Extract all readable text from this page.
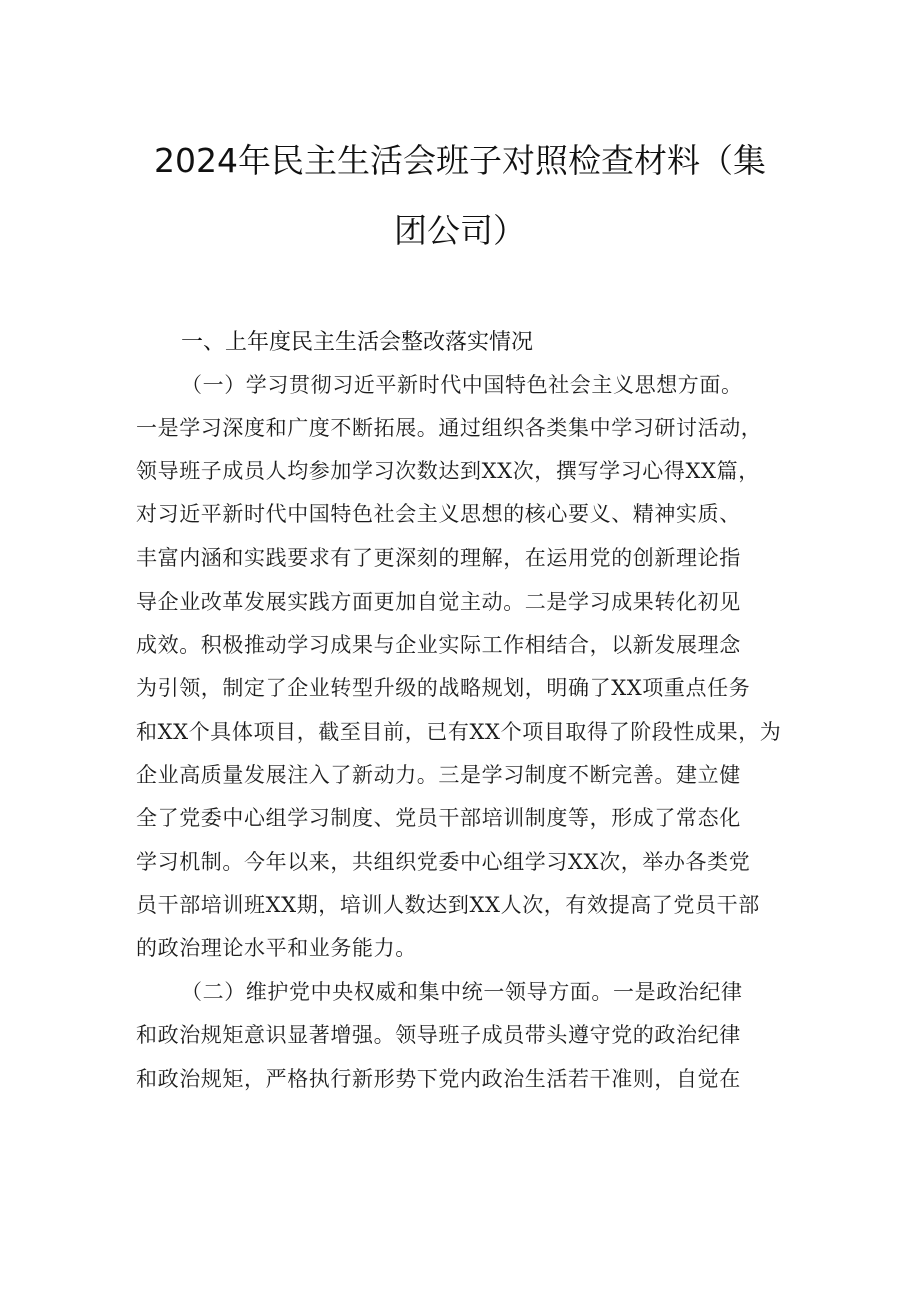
2024年民主生活会班子对照检查材料（集
团公司）
一、上年度民主生活会整改落实情况
（一）学习贯彻习近平新时代中国特色社会主义思想方面。
一是学习深度和广度不断拓展。通过组织各类集中学习研讨活动，
领导班子成员人均参加学习次数达到XX次，撰写学习心得XX篇，
对习近平新时代中国特色社会主义思想的核心要义、精神实质、
丰富内涵和实践要求有了更深刻的理解，在运用党的创新理论指
导企业改革发展实践方面更加自觉主动。二是学习成果转化初见
成效。积极推动学习成果与企业实际工作相结合，以新发展理念
为引领，制定了企业转型升级的战略规划，明确了XX项重点任务
和XX个具体项目，截至目前，已有XX个项目取得了阶段性成果，为
企业高质量发展注入了新动力。三是学习制度不断完善。建立健
全了党委中心组学习制度、党员干部培训制度等，形成了常态化
学习机制。今年以来，共组织党委中心组学习XX次，举办各类党
员干部培训班XX期，培训人数达到XX人次，有效提高了党员干部
的政治理论水平和业务能力。
（二）维护党中央权威和集中统一领导方面。一是政治纪律
和政治规矩意识显著增强。领导班子成员带头遵守党的政治纪律
和政治规矩，严格执行新形势下党内政治生活若干准则，自觉在
